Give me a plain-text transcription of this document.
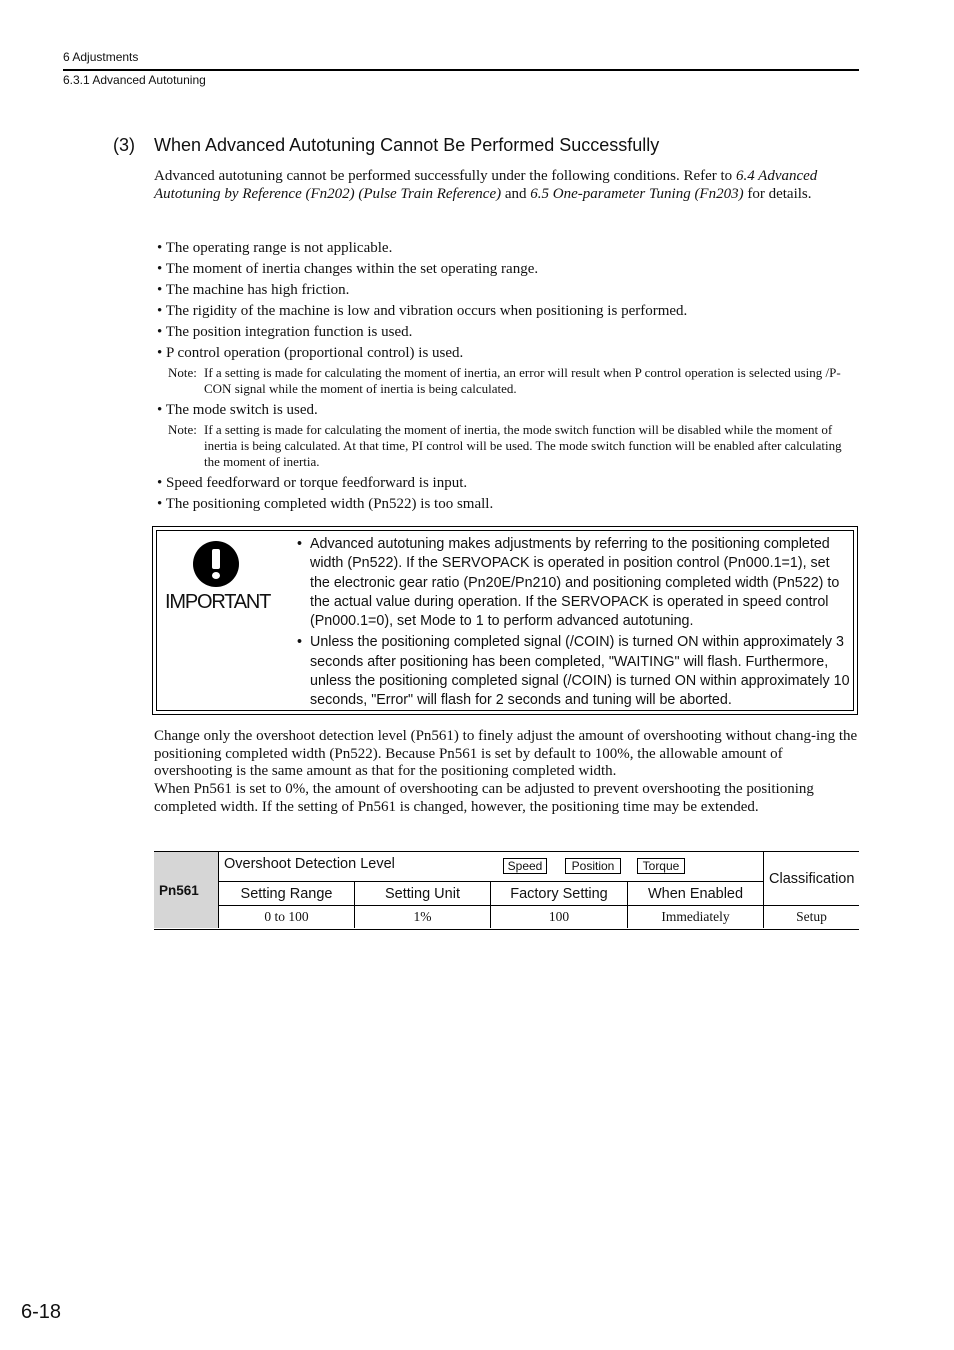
6 Adjustments
6.3.1 Advanced Autotuning
(3) When Advanced Autotuning Cannot Be Performed Successfully

Advanced autotuning cannot be performed successfully under the following conditions. Refer to 6.4 Advanced Autotuning by Reference (Fn202) (Pulse Train Reference) and 6.5 One-parameter Tuning (Fn203) for details.

• The operating range is not applicable.
• The moment of inertia changes within the set operating range.
• The machine has high friction.
• The rigidity of the machine is low and vibration occurs when positioning is performed.
• The position integration function is used.
• P control operation (proportional control) is used.
Note: If a setting is made for calculating the moment of inertia, an error will result when P control operation is selected using /P-CON signal while the moment of inertia is being calculated.
• The mode switch is used.
Note: If a setting is made for calculating the moment of inertia, the mode switch function will be disabled while the moment of inertia is being calculated. At that time, PI control will be used. The mode switch function will be enabled after calculating the moment of inertia.
• Speed feedforward or torque feedforward is input.
• The positioning completed width (Pn522) is too small.
IMPORTANT
• Advanced autotuning makes adjustments by referring to the positioning completed width (Pn522). If the SERVOPACK is operated in position control (Pn000.1=1), set the electronic gear ratio (Pn20E/Pn210) and positioning completed width (Pn522) to the actual value during operation. If the SERVOPACK is operated in speed control (Pn000.1=0), set Mode to 1 to perform advanced autotuning.
• Unless the positioning completed signal (/COIN) is turned ON within approximately 3 seconds after positioning has been completed, "WAITING" will flash. Furthermore, unless the positioning completed signal (/COIN) is turned ON within approximately 10 seconds, "Error" will flash for 2 seconds and tuning will be aborted.

Change only the overshoot detection level (Pn561) to finely adjust the amount of overshooting without chang-ing the positioning completed width (Pn522). Because Pn561 is set by default to 100%, the allowable amount of overshooting is the same amount as that for the positioning completed width.

When Pn561 is set to 0%, the amount of overshooting can be adjusted to prevent overshooting the positioning completed width. If the setting of Pn561 is changed, however, the positioning time may be extended.

Pn561
Overshoot Detection Level	Speed	Position	Torque
Classification
Setting Range	Setting Unit	Factory Setting	When Enabled
0 to 100	1%	100	Immediately	Setup
6-18
